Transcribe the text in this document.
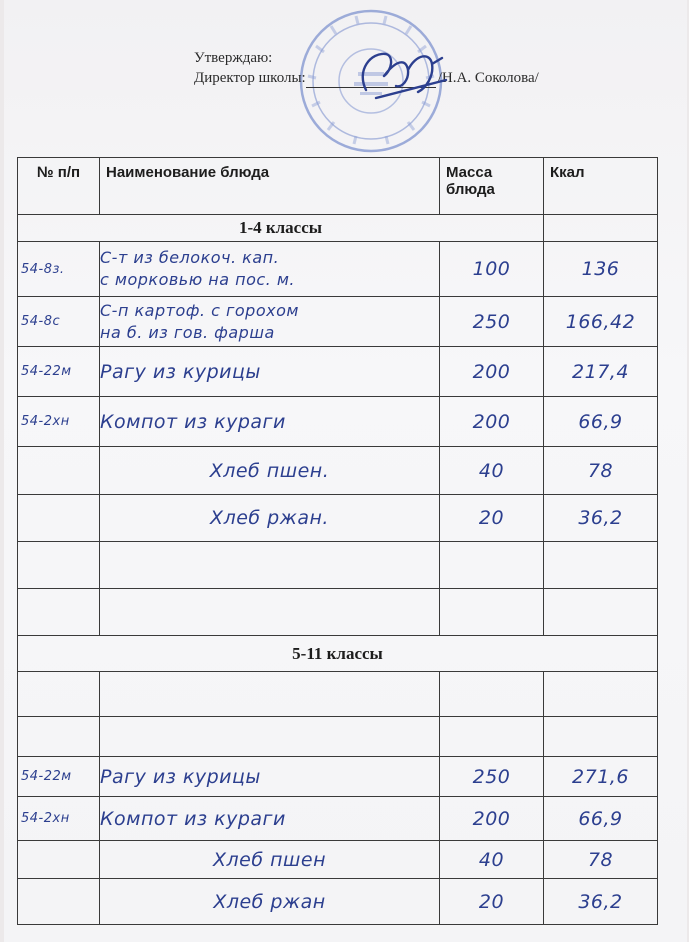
Утверждаю:
Директор школы:	/Н.А. Соколова/
№ п/п	Наименование блюда	Масса блюда	Ккал
1-4 классы			
54-8з.	С-т из белокоч. кап.
с морковью на пос. м.	100	136
54-8с	С-п картоф. с горохом
на б. из гов. фарша	250	166,42
54-22м	Рагу из курицы	200	217,4
54-2хн	Компот из кураги	200	66,9
	Хлеб пшен.	40	78
	Хлеб ржан.	20	36,2

5-11 классы			

54-22м	Рагу из курицы	250	271,6
54-2хн	Компот из кураги	200	66,9
	Хлеб пшен	40	78
	Хлеб ржан	20	36,2
